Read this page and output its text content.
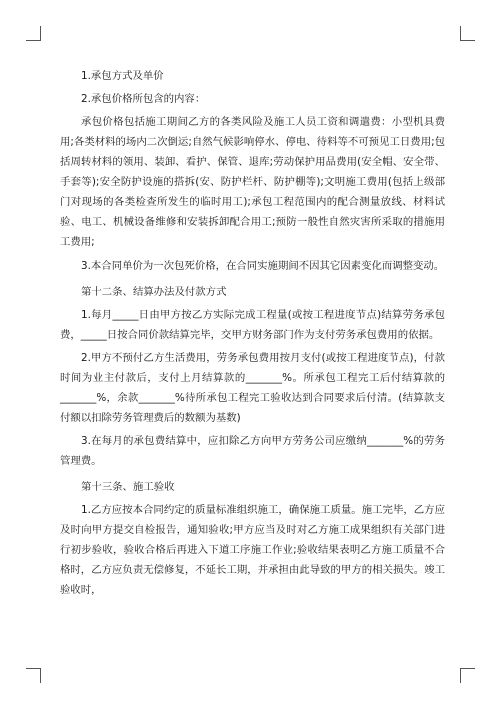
1.承包方式及单价

2.承包价格所包含的内容：

承包价格包括施工期间乙方的各类风险及施工人员工资和调遣费：小型机具费用;各类材料的场内二次倒运;自然气候影响停水、停电、待料等不可预见工日费用;包括周转材料的领用、装卸、看护、保管、退库;劳动保护用品费用(安全帽、安全带、手套等);安全防护设施的搭拆(安、防护栏杆、防护棚等);文明施工费用(包括上级部门对现场的各类检查所发生的临时用工);承包工程范围内的配合测量放线、材料试验、电工、机械设备维修和安装拆卸配合用工;预防一般性自然灾害所采取的措施用工费用;

3.本合同单价为一次包死价格，在合同实施期间不因其它因素变化而调整变动。

第十二条、结算办法及付款方式

1.每月_____日由甲方按乙方实际完成工程量(或按工程进度节点)结算劳务承包费，_____日按合同价款结算完毕，交甲方财务部门作为支付劳务承包费用的依据。

2.甲方不预付乙方生活费用，劳务承包费用按月支付(或按工程进度节点)，付款时间为业主付款后，支付上月结算款的_______%。所承包工程完工后付结算款的_______%，余款_______%待所承包工程完工验收达到合同要求后付清。(结算款支付额以扣除劳务管理费后的数额为基数)

3.在每月的承包费结算中，应扣除乙方向甲方劳务公司应缴纳_______%的劳务管理费。

第十三条、施工验收

1.乙方应按本合同约定的质量标准组织施工，确保施工质量。施工完毕，乙方应及时向甲方提交自检报告，通知验收;甲方应当及时对乙方施工成果组织有关部门进行初步验收，验收合格后再进入下道工序施工作业;验收结果表明乙方施工质量不合格时，乙方应负责无偿修复，不延长工期，并承担由此导致的甲方的相关损失。竣工验收时，
